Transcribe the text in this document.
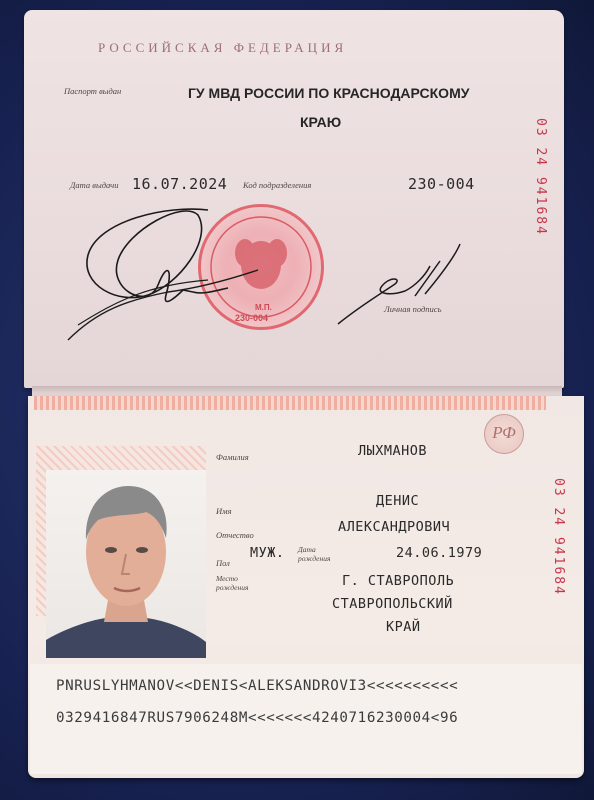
РОССИЙСКАЯ ФЕДЕРАЦИЯ
Паспорт выдан	ГУ МВД РОССИИ ПО КРАСНОДАРСКОМУ
КРАЮ
Дата выдачи 16.07.2024 Код подразделения	230-004
М.П.
230-004
Личная подпись
03 24 941684
РФ
Фамилия	ЛЫХМАНОВ
Имя
ДЕНИС
Отчество	АЛЕКСАНДРОВИЧ
Пол
МУЖ. Дата рождения	24.06.1979
Место рождения	Г. СТАВРОПОЛЬ
СТАВРОПОЛЬСКИЙ
КРАЙ
03 24 941684
PNRUSLYHMANOV<<DENIS<ALEKSANDROVI3<<<<<<<<<<
0329416847RUS7906248M<<<<<<<4240716230004<96
